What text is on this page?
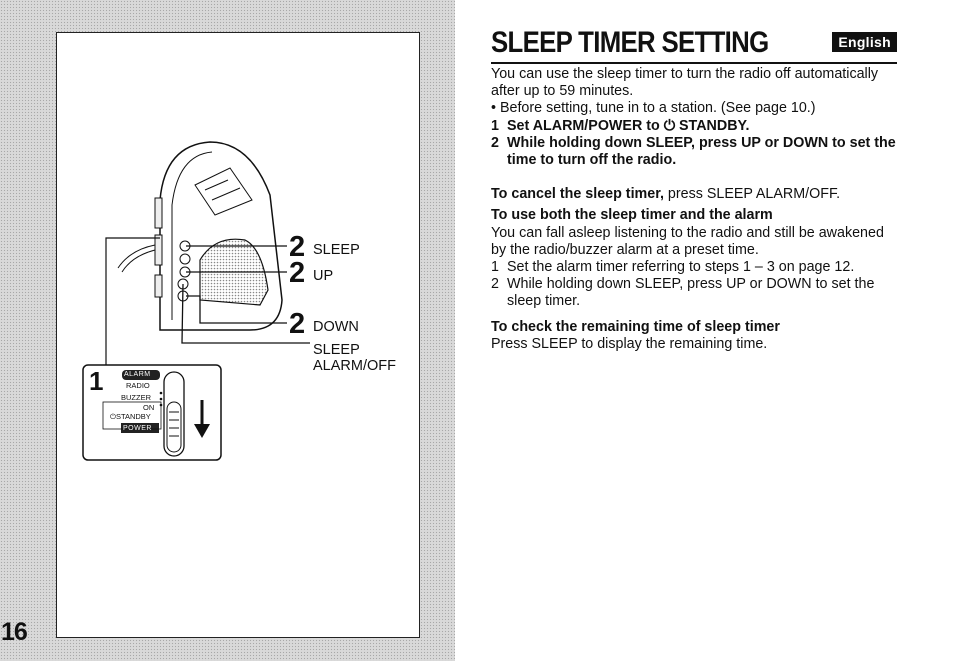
2 SLEEP
2 UP
2 DOWN
SLEEP
ALARM/OFF
1	ALARM
RADIO
BUZZER
ON
⏻STANDBY
POWER
16
SLEEP TIMER SETTING	English

You can use the sleep timer to turn the radio off automatically after up to 59 minutes.

• Before setting, tune in to a station. (See page 10.)

1 Set ALARM/POWER to ⏻ STANDBY.
2 While holding down SLEEP, press UP or DOWN to set the time to turn off the radio.

To cancel the sleep timer, press SLEEP ALARM/OFF.

To use both the sleep timer and the alarm

You can fall asleep listening to the radio and still be awakened by the radio/buzzer alarm at a preset time.

1 Set the alarm timer referring to steps 1 – 3 on page 12.
2 While holding down SLEEP, press UP or DOWN to set the sleep timer.

To check the remaining time of sleep timer

Press SLEEP to display the remaining time.
